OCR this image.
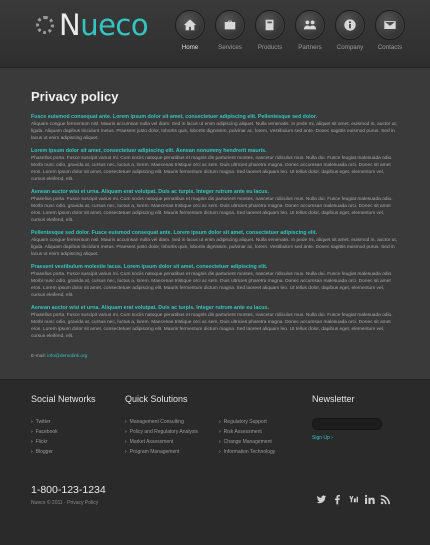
Nueco
Home	Services	Products	Partners Company Contacts
Privacy policy
Fusce euismod consequat ante. Lorem ipsum dolor sit amet, consectetuer adipiscing elit. Pellentesque sed dolor.
Aliquam congue fermentum nisl. Mauris accumsan nulla vel diam. Sed in lacus ut enim adipiscing aliquet. Nulla venenatis. In pede mi, aliquet sit amet, euismod in, auctor ut, ligula. Aliquam dapibus tincidunt metus. Praesent justo dolor, lobortis quis, lobortis dignissim, pulvinar ac, lorem. Vestibulum sed ante. Donec sagittis euismod purus. Sed in lacus ut enim adipiscing aliquet.
Lorem ipsum dolor sit amet, consectetuer adipiscing elit. Aenean nonummy hendrerit mauris.
Phasellus porta. Fusce suscipit varius mi. Cum sociis natoque penatibus et magnis dis parturient montes, nascetur ridiculus mus. Nulla dui. Fusce feugiat malesuada odio. Morbi nunc odio, gravida at, cursus nec, luctus a, lorem. Maecenas tristique orci ac sem. Duis ultricies pharetra magna. Donec accumsan malesuada orci. Donec sit amet eros. Lorem ipsum dolor sit amet, consectetuer adipiscing elit. Mauris fermentum dictum magna. Sed laoreet aliquam leo. Ut tellus dolor, dapibus eget, elementum vel, cursus eleifend, elit.
Aenean auctor wisi et urna. Aliquam erat volutpat. Duis ac turpis. Integer rutrum ante eu lacus.
Phasellus porta. Fusce suscipit varius mi. Cum sociis natoque penatibus et magnis dis parturient montes, nascetur ridiculus mus. Nulla dui. Fusce feugiat malesuada odio. Morbi nunc odio, gravida at, cursus nec, luctus a, lorem. Maecenas tristique orci ac sem. Duis ultricies pharetra magna. Donec accumsan malesuada orci. Donec sit amet eros. Lorem ipsum dolor sit amet, consectetuer adipiscing elit. Mauris fermentum dictum magna. Sed laoreet aliquam leo. Ut tellus dolor, dapibus eget, elementum vel, cursus eleifend, elit.
Pellentesque sed dolor. Fusce euismod consequat ante. Lorem ipsum dolor sit amet, consectetuer adipiscing elit.
Aliquam congue fermentum nisl. Mauris accumsan nulla vel diam. Sed in lacus ut enim adipiscing aliquet. Nulla venenatis. In pede mi, aliquet sit amet, euismod in, auctor ut, ligula. Aliquam dapibus tincidunt metus. Praesent justo dolor, lobortis quis, lobortis dignissim, pulvinar ac, lorem. Vestibulum sed ante. Donec sagittis euismod purus. Sed in lacus ut enim adipiscing aliquet.
Praesent vestibulum molestie lacus. Lorem ipsum dolor sit amet, consectetuer adipiscing elit.
Phasellus porta. Fusce suscipit varius mi. Cum sociis natoque penatibus et magnis dis parturient montes, nascetur ridiculus mus. Nulla dui. Fusce feugiat malesuada odio. Morbi nunc odio, gravida at, cursus nec, luctus a, lorem. Maecenas tristique orci ac sem. Duis ultricies pharetra magna. Donec accumsan malesuada orci. Donec sit amet eros. Lorem ipsum dolor sit amet, consectetuer adipiscing elit. Mauris fermentum dictum magna. Sed laoreet aliquam leo. Ut tellus dolor, dapibus eget, elementum vel, cursus eleifend, elit.
Aenean auctor wisi et urna. Aliquam erat volutpat. Duis ac turpis. Integer rutrum ante eu lacus.
Phasellus porta. Fusce suscipit varius mi. Cum sociis natoque penatibus et magnis dis parturient montes, nascetur ridiculus mus. Nulla dui. Fusce feugiat malesuada odio. Morbi nunc odio, gravida at, cursus nec, luctus a, lorem. Maecenas tristique orci ac sem. Duis ultricies pharetra magna. Donec accumsan malesuada orci. Donec sit amet eros. Lorem ipsum dolor sit amet, consectetuer adipiscing elit. Mauris fermentum dictum magna. Sed laoreet aliquam leo. Ut tellus dolor, dapibus eget, elementum vel, cursus eleifend, elit.
E-mail: info@demolink.org
Social Networks
› Twitter
› Facebook
› Flickr
› Blogger
Quick Solutions
› Management Consulting
› Policy and Regulatory Analysis
› Market Assessment
› Program Management
› Regulatory Support
› Risk Assessment
› Change Management
› Information Technology
Newsletter
Sign Up ›
1-800-123-1234
Nueco © 2011 · Privacy Policy
